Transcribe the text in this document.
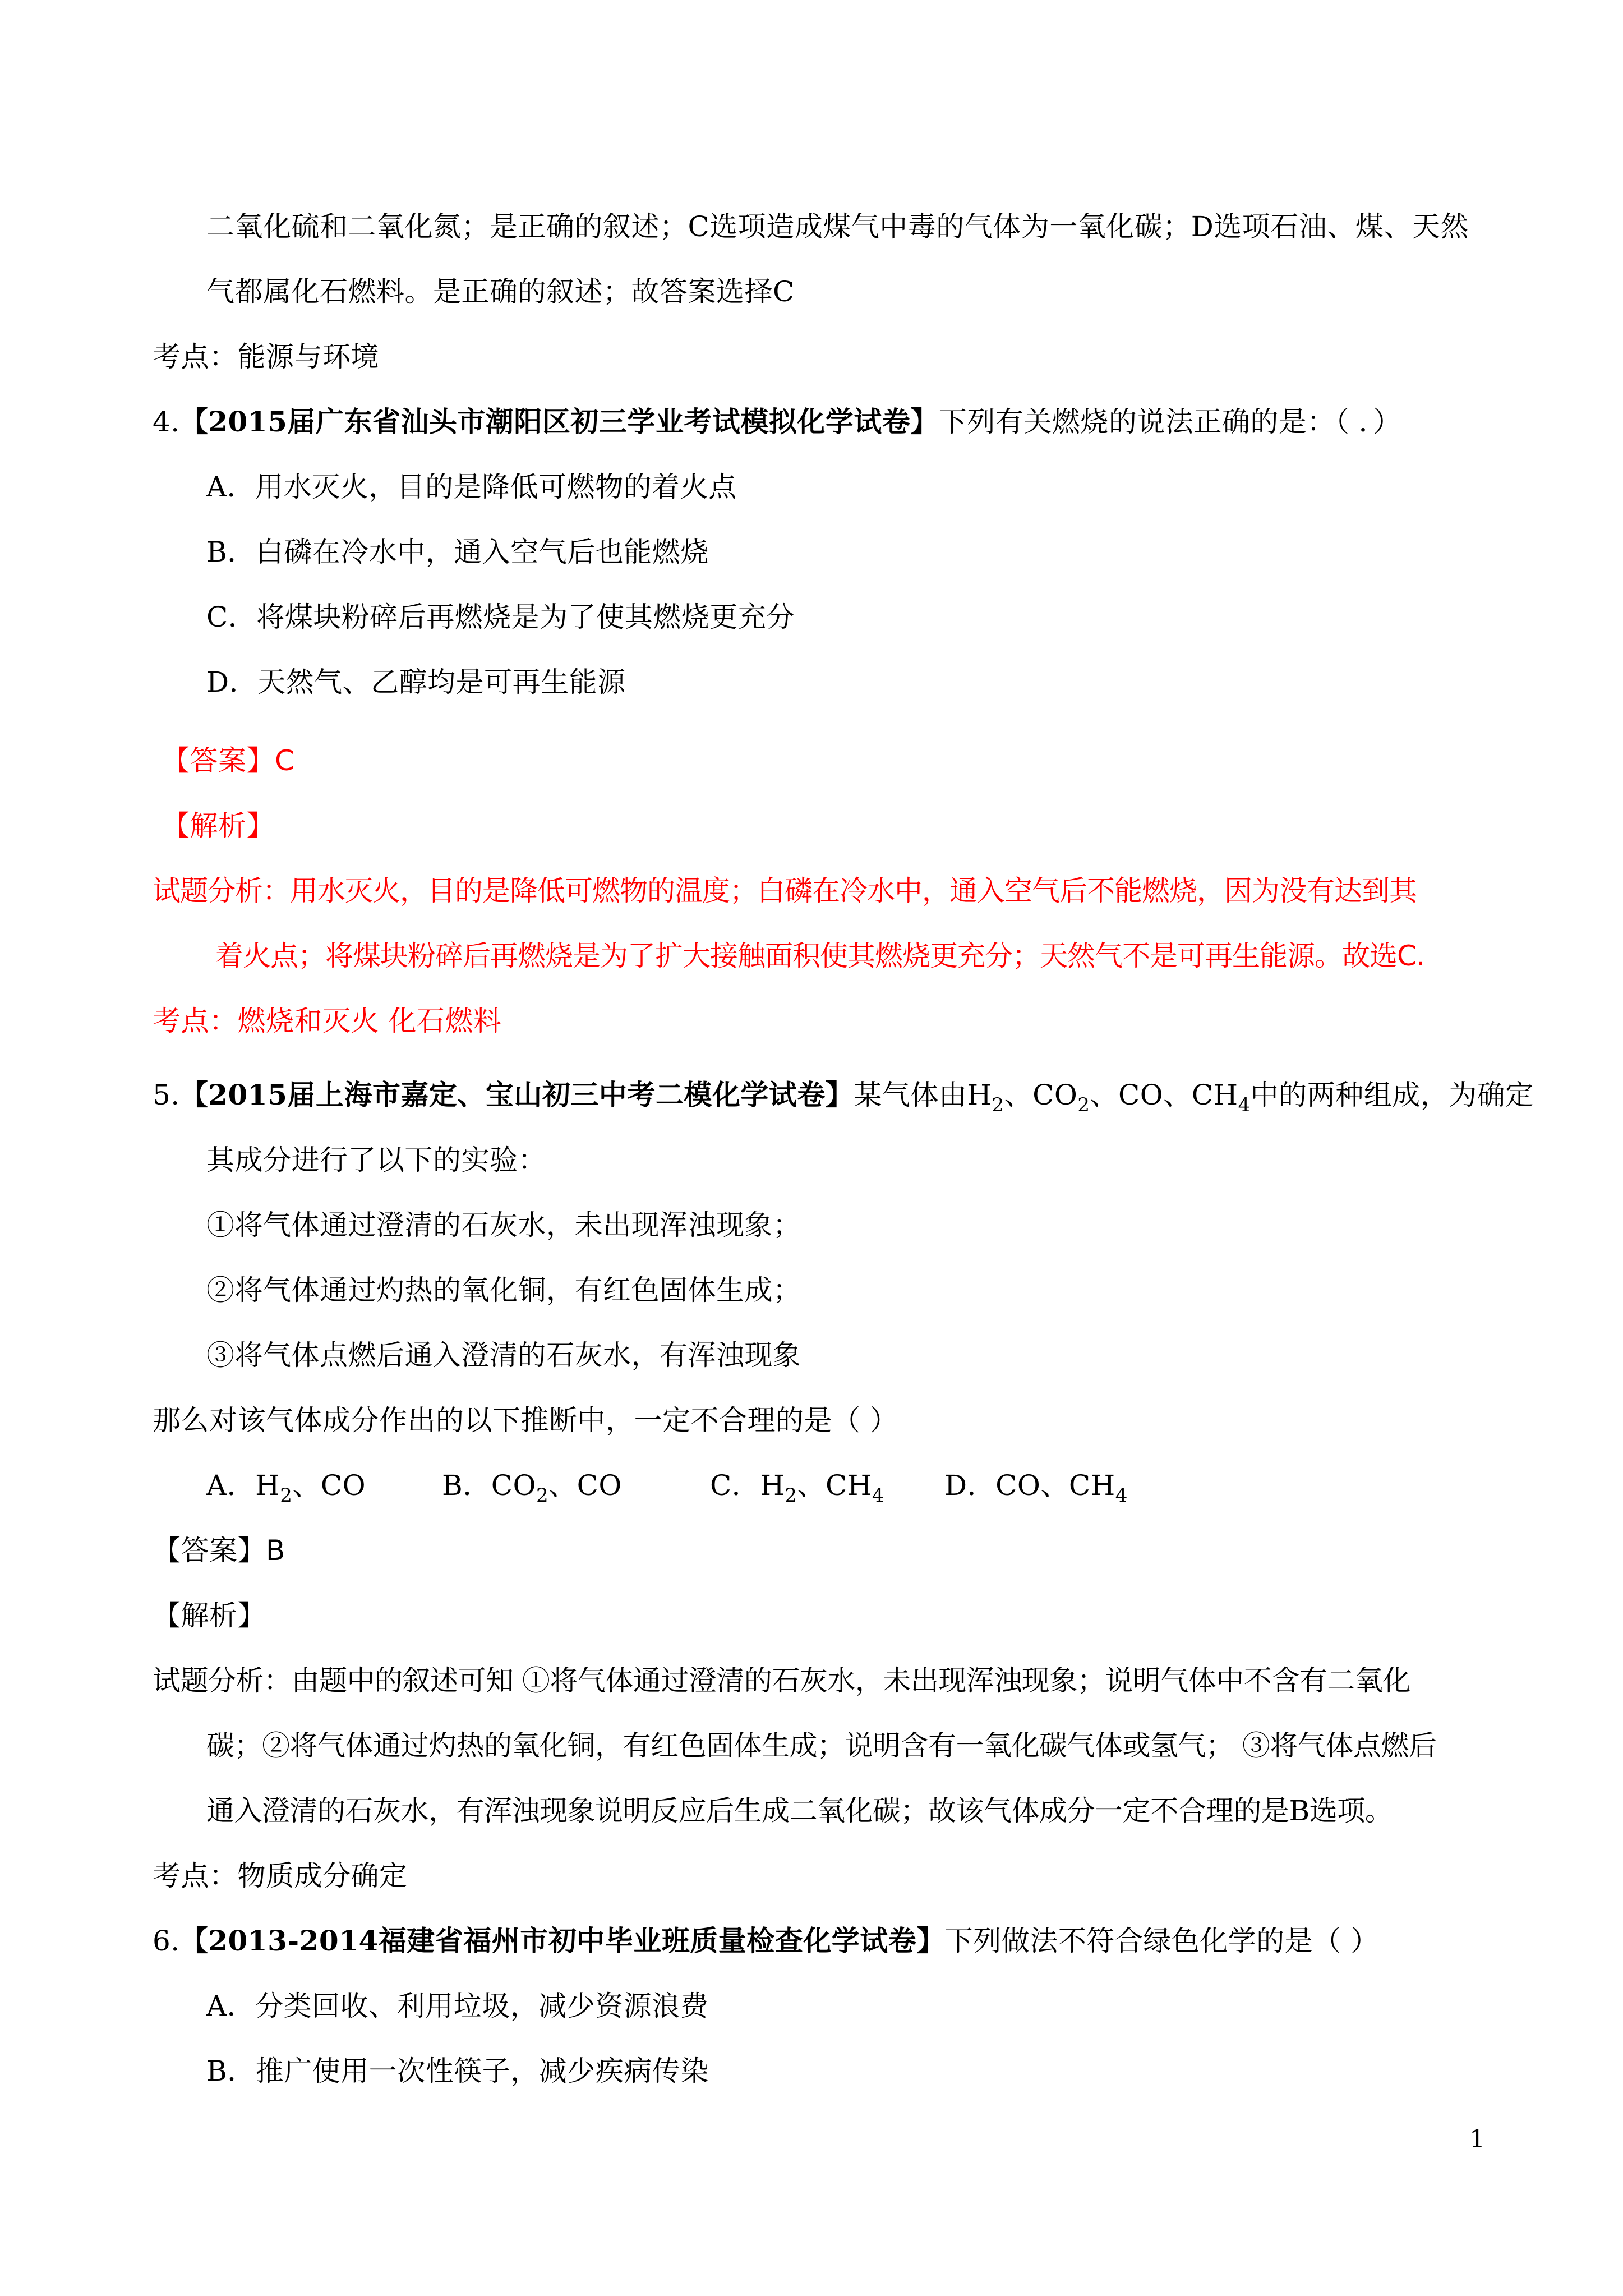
二氧化硫和二氧化氮；是正确的叙述；C选项造成煤气中毒的气体为一氧化碳；D选项石油、煤、天然
气都属化石燃料。是正确的叙述；故答案选择C
考点：能源与环境
4.【2015届广东省汕头市潮阳区初三学业考试模拟化学试卷】下列有关燃烧的说法正确的是：（ ．）
A．用水灭火，目的是降低可燃物的着火点
B．白磷在冷水中，通入空气后也能燃烧
C．将煤块粉碎后再燃烧是为了使其燃烧更充分
D．天然气、乙醇均是可再生能源
【答案】C
【解析】
试题分析：用水灭火，目的是降低可燃物的温度；白磷在冷水中，通入空气后不能燃烧，因为没有达到其
着火点；将煤块粉碎后再燃烧是为了扩大接触面积使其燃烧更充分；天然气不是可再生能源。故选C.
考点：燃烧和灭火 化石燃料
5.【2015届上海市嘉定、宝山初三中考二模化学试卷】某气体由$H_2$、$CO_2$、CO、$CH_4$中的两种组成，为确定
其成分进行了以下的实验：
①将气体通过澄清的石灰水，未出现浑浊现象；
②将气体通过灼热的氧化铜，有红色固体生成；
③将气体点燃后通入澄清的石灰水，有浑浊现象
那么对该气体成分作出的以下推断中，一定不合理的是（ ）
A．$H_2$、CO	B．$CO_2$、CO	C．$H_2$、$CH_4$ D．CO、$CH_4$
【答案】B
【解析】
试题分析：由题中的叙述可知 ①将气体通过澄清的石灰水，未出现浑浊现象；说明气体中不含有二氧化
碳；②将气体通过灼热的氧化铜，有红色固体生成；说明含有一氧化碳气体或氢气； ③将气体点燃后
通入澄清的石灰水，有浑浊现象说明反应后生成二氧化碳；故该气体成分一定不合理的是B选项。
考点：物质成分确定
6.【2013-2014福建省福州市初中毕业班质量检查化学试卷】下列做法不符合绿色化学的是（ ）
A．分类回收、利用垃圾，减少资源浪费
B．推广使用一次性筷子，减少疾病传染
1
